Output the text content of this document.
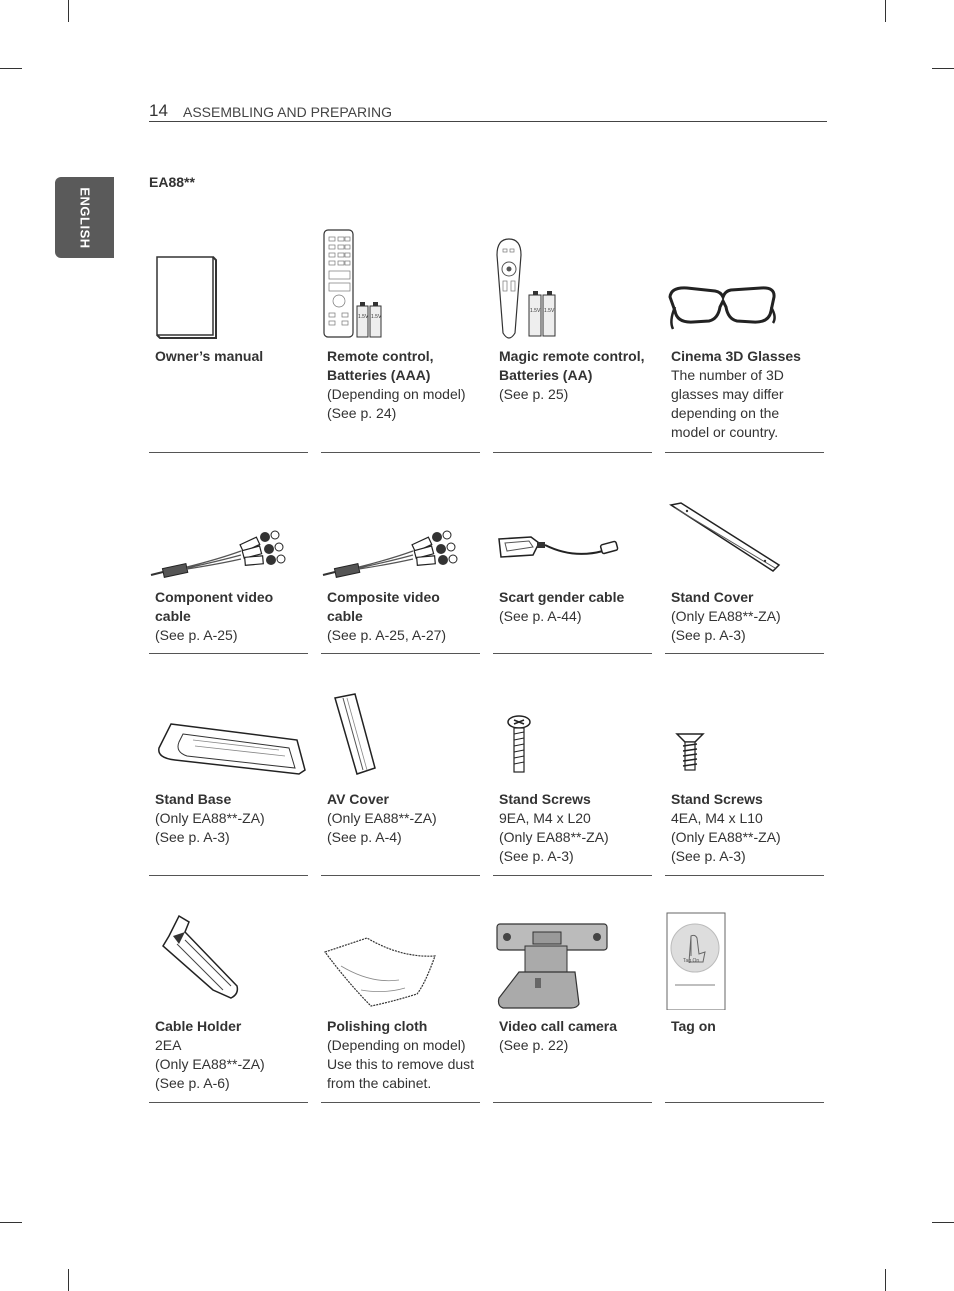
ENGLISH
14 ASSEMBLING AND PREPARING
EA88**
Owner’s manual
1.5V 1.5V
Remote control, Batteries (AAA)
(Depending on model)
(See p. 24)
1.5V 1.5V
Magic remote control, Batteries (AA)
(See p. 25)
Cinema 3D Glasses
The number of 3D glasses may differ depending on the model or country.
Component video cable
(See p. A-25)
Composite video cable
(See p. A-25, A-27)
Scart gender cable
(See p. A-44)
Stand Cover
(Only EA88**-ZA)
(See p. A-3)
Stand Base
(Only EA88**-ZA)
(See p. A-3)
AV Cover
(Only EA88**-ZA)
(See p. A-4)
Stand Screws
9EA, M4 x L20
(Only EA88**-ZA)
(See p. A-3)
Stand Screws
4EA, M4 x L10
(Only EA88**-ZA)
(See p. A-3)
Cable Holder
2EA
(Only EA88**-ZA)
(See p. A-6)
Polishing cloth
(Depending on model)
Use this to remove dust from the cabinet.
Video call camera
(See p. 22)
Tag On
Tag on
